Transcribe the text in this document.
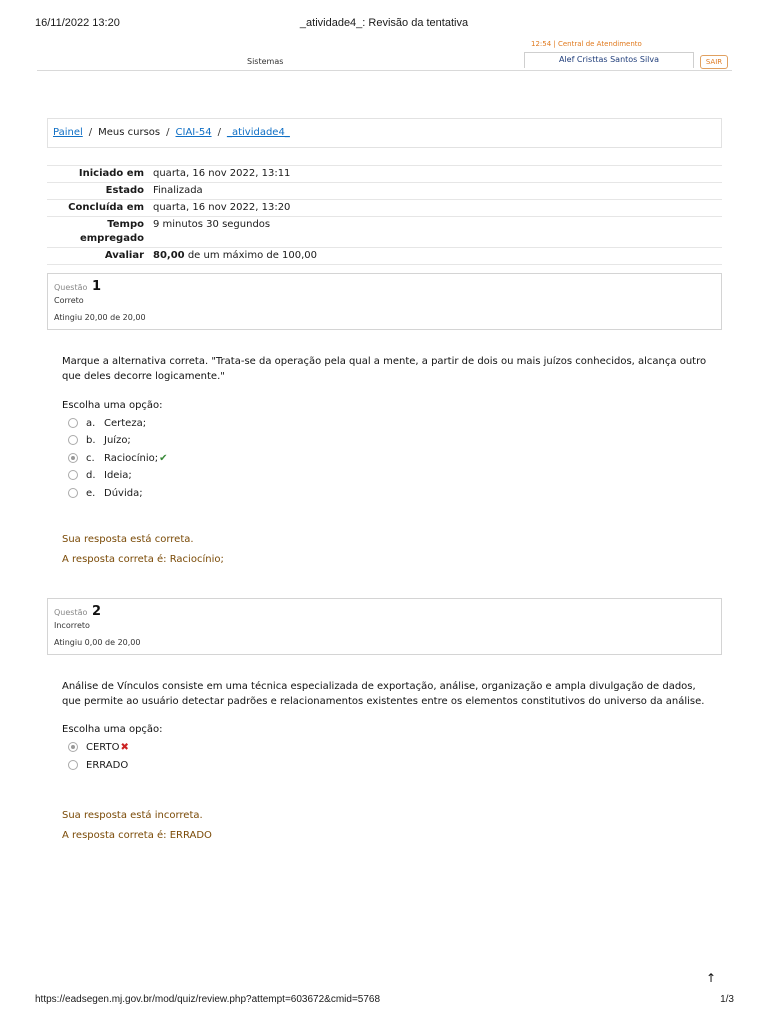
16/11/2022 13:20	_atividade4_: Revisão da tentativa
Sistemas
12:54 | Central de Atendimento
Alef Cristtas Santos Silva	SAIR
Painel / Meus cursos / CIAI-54 / _atividade4_
Iniciado em quarta, 16 nov 2022, 13:11
Estado Finalizada
Concluída em quarta, 16 nov 2022, 13:20
Tempo empregado
9 minutos 30 segundos
Avaliar 80,00 de um máximo de 100,00
Questão 1
Correto
Atingiu 20,00 de 20,00
Marque a alternativa correta. "Trata-se da operação pela qual a mente, a partir de dois ou mais juízos conhecidos, alcança outro que deles decorre logicamente."
Escolha uma opção:
a. Certeza;
b. Juízo;
c. Raciocínio; ✔
d. Ideia;
e. Dúvida;
Sua resposta está correta.
A resposta correta é: Raciocínio;
Questão 2
Incorreto
Atingiu 0,00 de 20,00
Análise de Vínculos consiste em uma técnica especializada de exportação, análise, organização e ampla divulgação de dados, que permite ao usuário detectar padrões e relacionamentos existentes entre os elementos constitutivos do universo da análise.
Escolha uma opção:
CERTO ✖
ERRADO
Sua resposta está incorreta.
A resposta correta é: ERRADO
↑
https://eadsegen.mj.gov.br/mod/quiz/review.php?attempt=603672&cmid=5768	1/3
